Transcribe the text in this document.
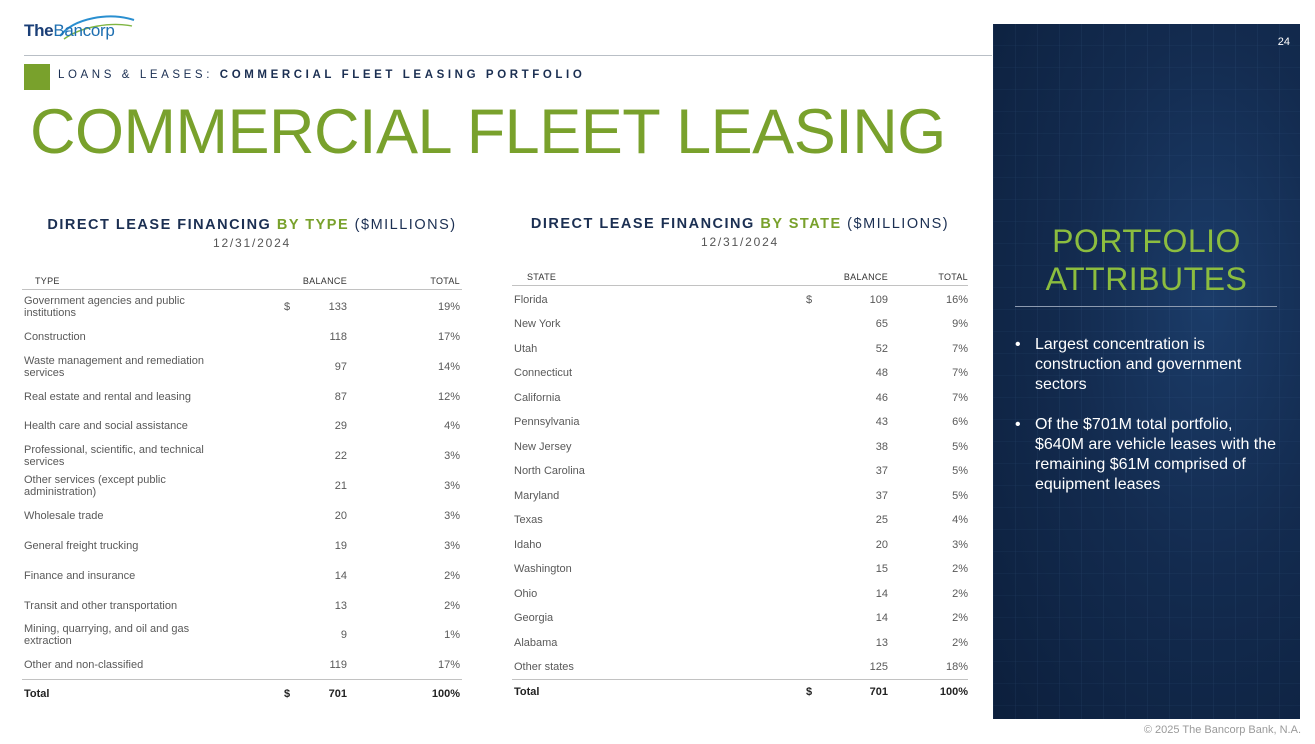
TheBancorp
LOANS & LEASES: COMMERCIAL FLEET LEASING PORTFOLIO
COMMERCIAL FLEET LEASING
DIRECT LEASE FINANCING BY TYPE ($MILLIONS)
12/31/2024
TYPE	BALANCE	TOTAL
Government agencies and public institutions	$	133	19%
Construction	118	17%
Waste management and remediation services	97	14%
Real estate and rental and leasing	87	12%
Health care and social assistance	29	4%
Professional, scientific, and technical services	22	3%
Other services (except public administration)	21	3%
Wholesale trade	20	3%
General freight trucking	19	3%
Finance and insurance	14	2%
Transit and other transportation	13	2%
Mining, quarrying, and oil and gas extraction	9	1%
Other and non-classified	119	17%
Total	$	701	100%
DIRECT LEASE FINANCING BY STATE ($MILLIONS)
12/31/2024
STATE	BALANCE	TOTAL
Florida	$	109	16%
New York	65	9%
Utah	52	7%
Connecticut	48	7%
California	46	7%
Pennsylvania	43	6%
New Jersey	38	5%
North Carolina	37	5%
Maryland	37	5%
Texas	25	4%
Idaho	20	3%
Washington	15	2%
Ohio	14	2%
Georgia	14	2%
Alabama	13	2%
Other states	125	18%
Total	$	701	100%
24
PORTFOLIO
ATTRIBUTES
• Largest concentration is construction and government sectors
• Of the $701M total portfolio, $640M are vehicle leases with the remaining $61M comprised of equipment leases
© 2025 The Bancorp Bank, N.A.
